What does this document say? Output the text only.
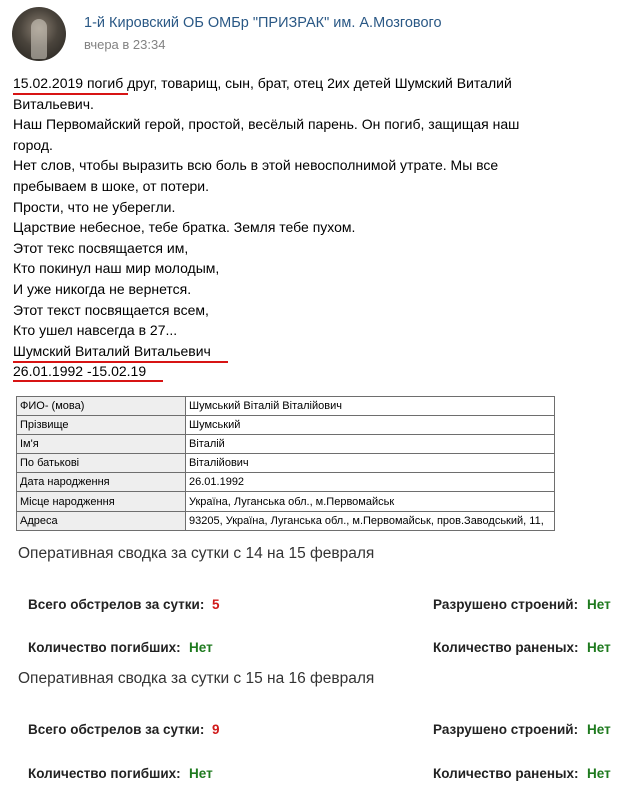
1-й Кировский ОБ ОМБр "ПРИЗРАК" им. А.Мозгового
вчера в 23:34
15.02.2019 погиб друг, товарищ, сын, брат, отец 2их детей Шумский Виталий
Витальевич.
Наш Первомайский герой, простой, весёлый парень. Он погиб, защищая наш
город.
Нет слов, чтобы выразить всю боль в этой невосполнимой утрате. Мы все
пребываем в шоке, от потери.
Прости, что не уберегли.
Царствие небесное, тебе братка. Земля тебе пухом.
Этот текс посвящается им,
Кто покинул наш мир молодым,
И уже никогда не вернется.
Этот текст посвящается всем,
Кто ушел навсегда в 27...
Шумский Виталий Витальевич
26.01.1992 -15.02.19
ФИО- (мова)	Шумський Віталій Віталійович
Прізвище	Шумський
Ім'я	Віталій
По батькові	Віталійович
Дата народження	26.01.1992
Місце народження	Україна, Луганська обл., м.Первомайськ
Адреса	93205, Україна, Луганська обл., м.Первомайськ, пров.Заводський, 11,
Оперативная сводка за сутки с 14 на 15 февраля
Всего обстрелов за сутки: 5	Разрушено строений: Нет
Количество погибших: Нет	Количество раненых: Нет
Оперативная сводка за сутки с 15 на 16 февраля
Всего обстрелов за сутки: 9	Разрушено строений: Нет
Количество погибших: Нет	Количество раненых: Нет
